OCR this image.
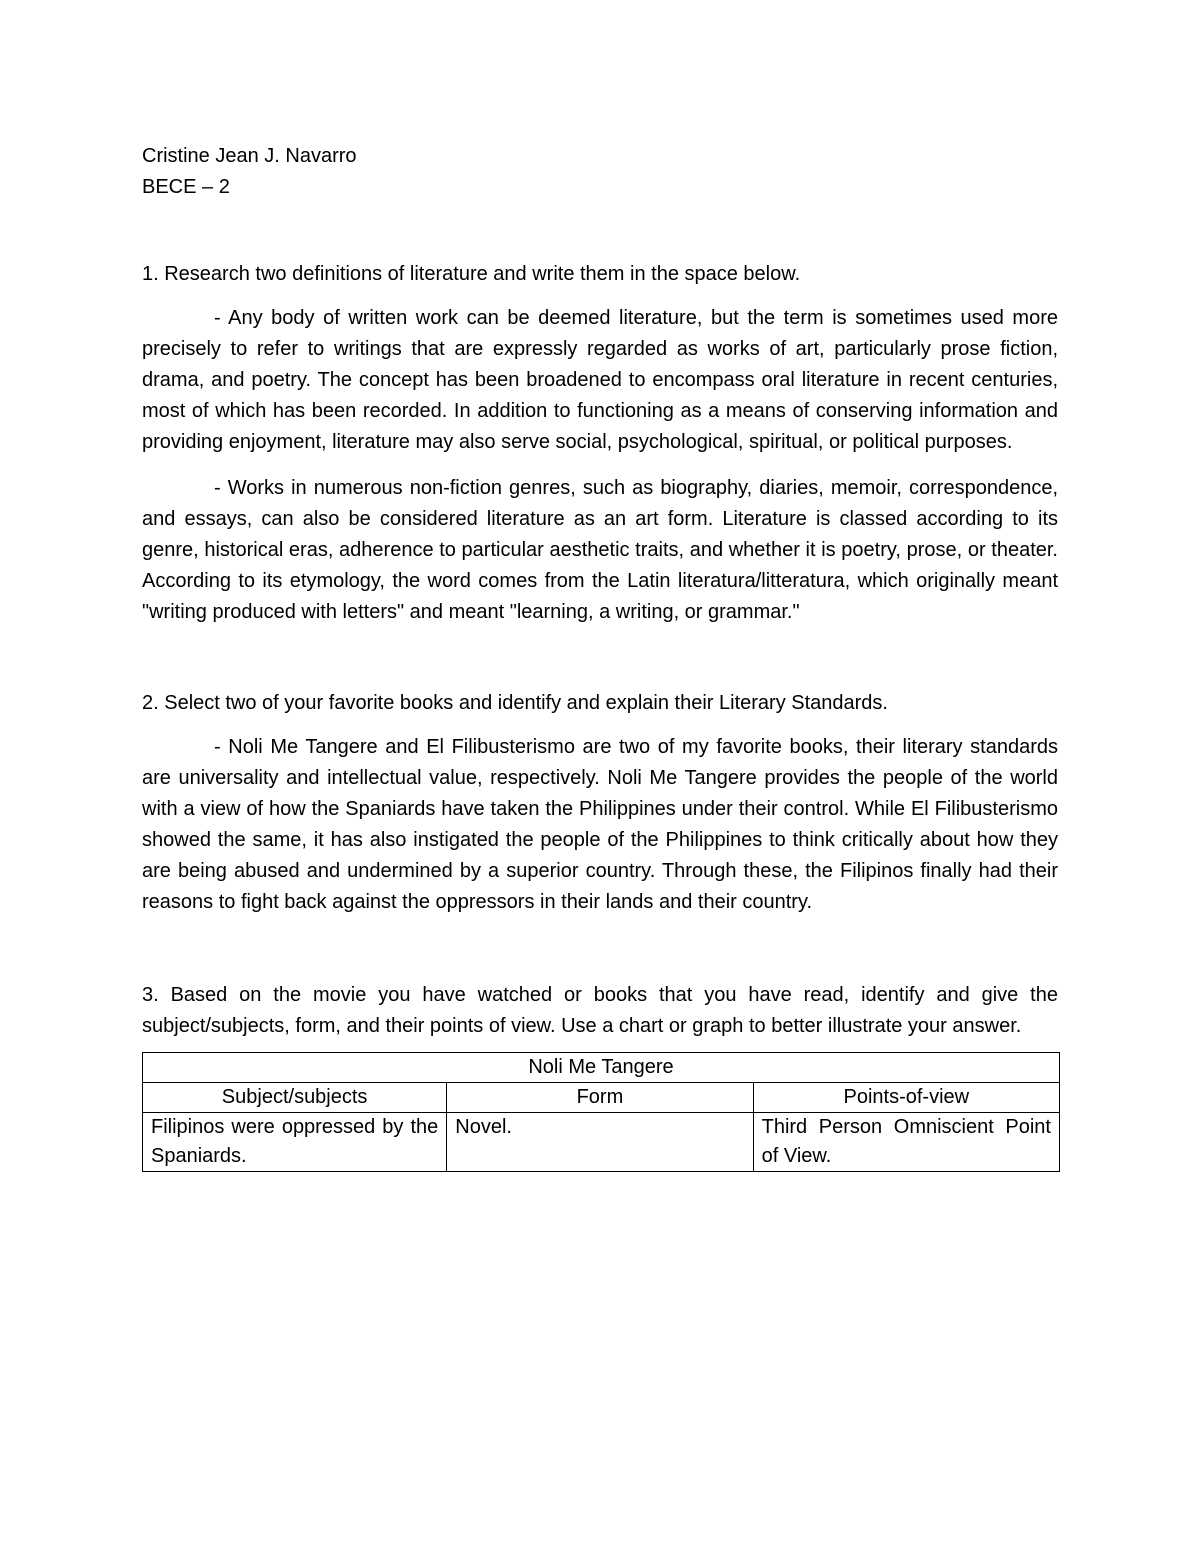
Cristine Jean J. Navarro

BECE – 2

1. Research two definitions of literature and write them in the space below.

- Any body of written work can be deemed literature, but the term is sometimes used more precisely to refer to writings that are expressly regarded as works of art, particularly prose fiction, drama, and poetry. The concept has been broadened to encompass oral literature in recent centuries, most of which has been recorded. In addition to functioning as a means of conserving information and providing enjoyment, literature may also serve social, psychological, spiritual, or political purposes.

- Works in numerous non-fiction genres, such as biography, diaries, memoir, correspondence, and essays, can also be considered literature as an art form. Literature is classed according to its genre, historical eras, adherence to particular aesthetic traits, and whether it is poetry, prose, or theater. According to its etymology, the word comes from the Latin literatura/litteratura, which originally meant "writing produced with letters" and meant "learning, a writing, or grammar."

2. Select two of your favorite books and identify and explain their Literary Standards.

- Noli Me Tangere and El Filibusterismo are two of my favorite books, their literary standards are universality and intellectual value, respectively. Noli Me Tangere provides the people of the world with a view of how the Spaniards have taken the Philippines under their control. While El Filibusterismo showed the same, it has also instigated the people of the Philippines to think critically about how they are being abused and undermined by a superior country. Through these, the Filipinos finally had their reasons to fight back against the oppressors in their lands and their country.

3. Based on the movie you have watched or books that you have read, identify and give the subject/subjects, form, and their points of view. Use a chart or graph to better illustrate your answer.

Noli Me Tangere		
Subject/subjects	Form	Points-of-view
Filipinos were oppressed by the Spaniards.	Novel.	Third Person Omniscient Point of View.
